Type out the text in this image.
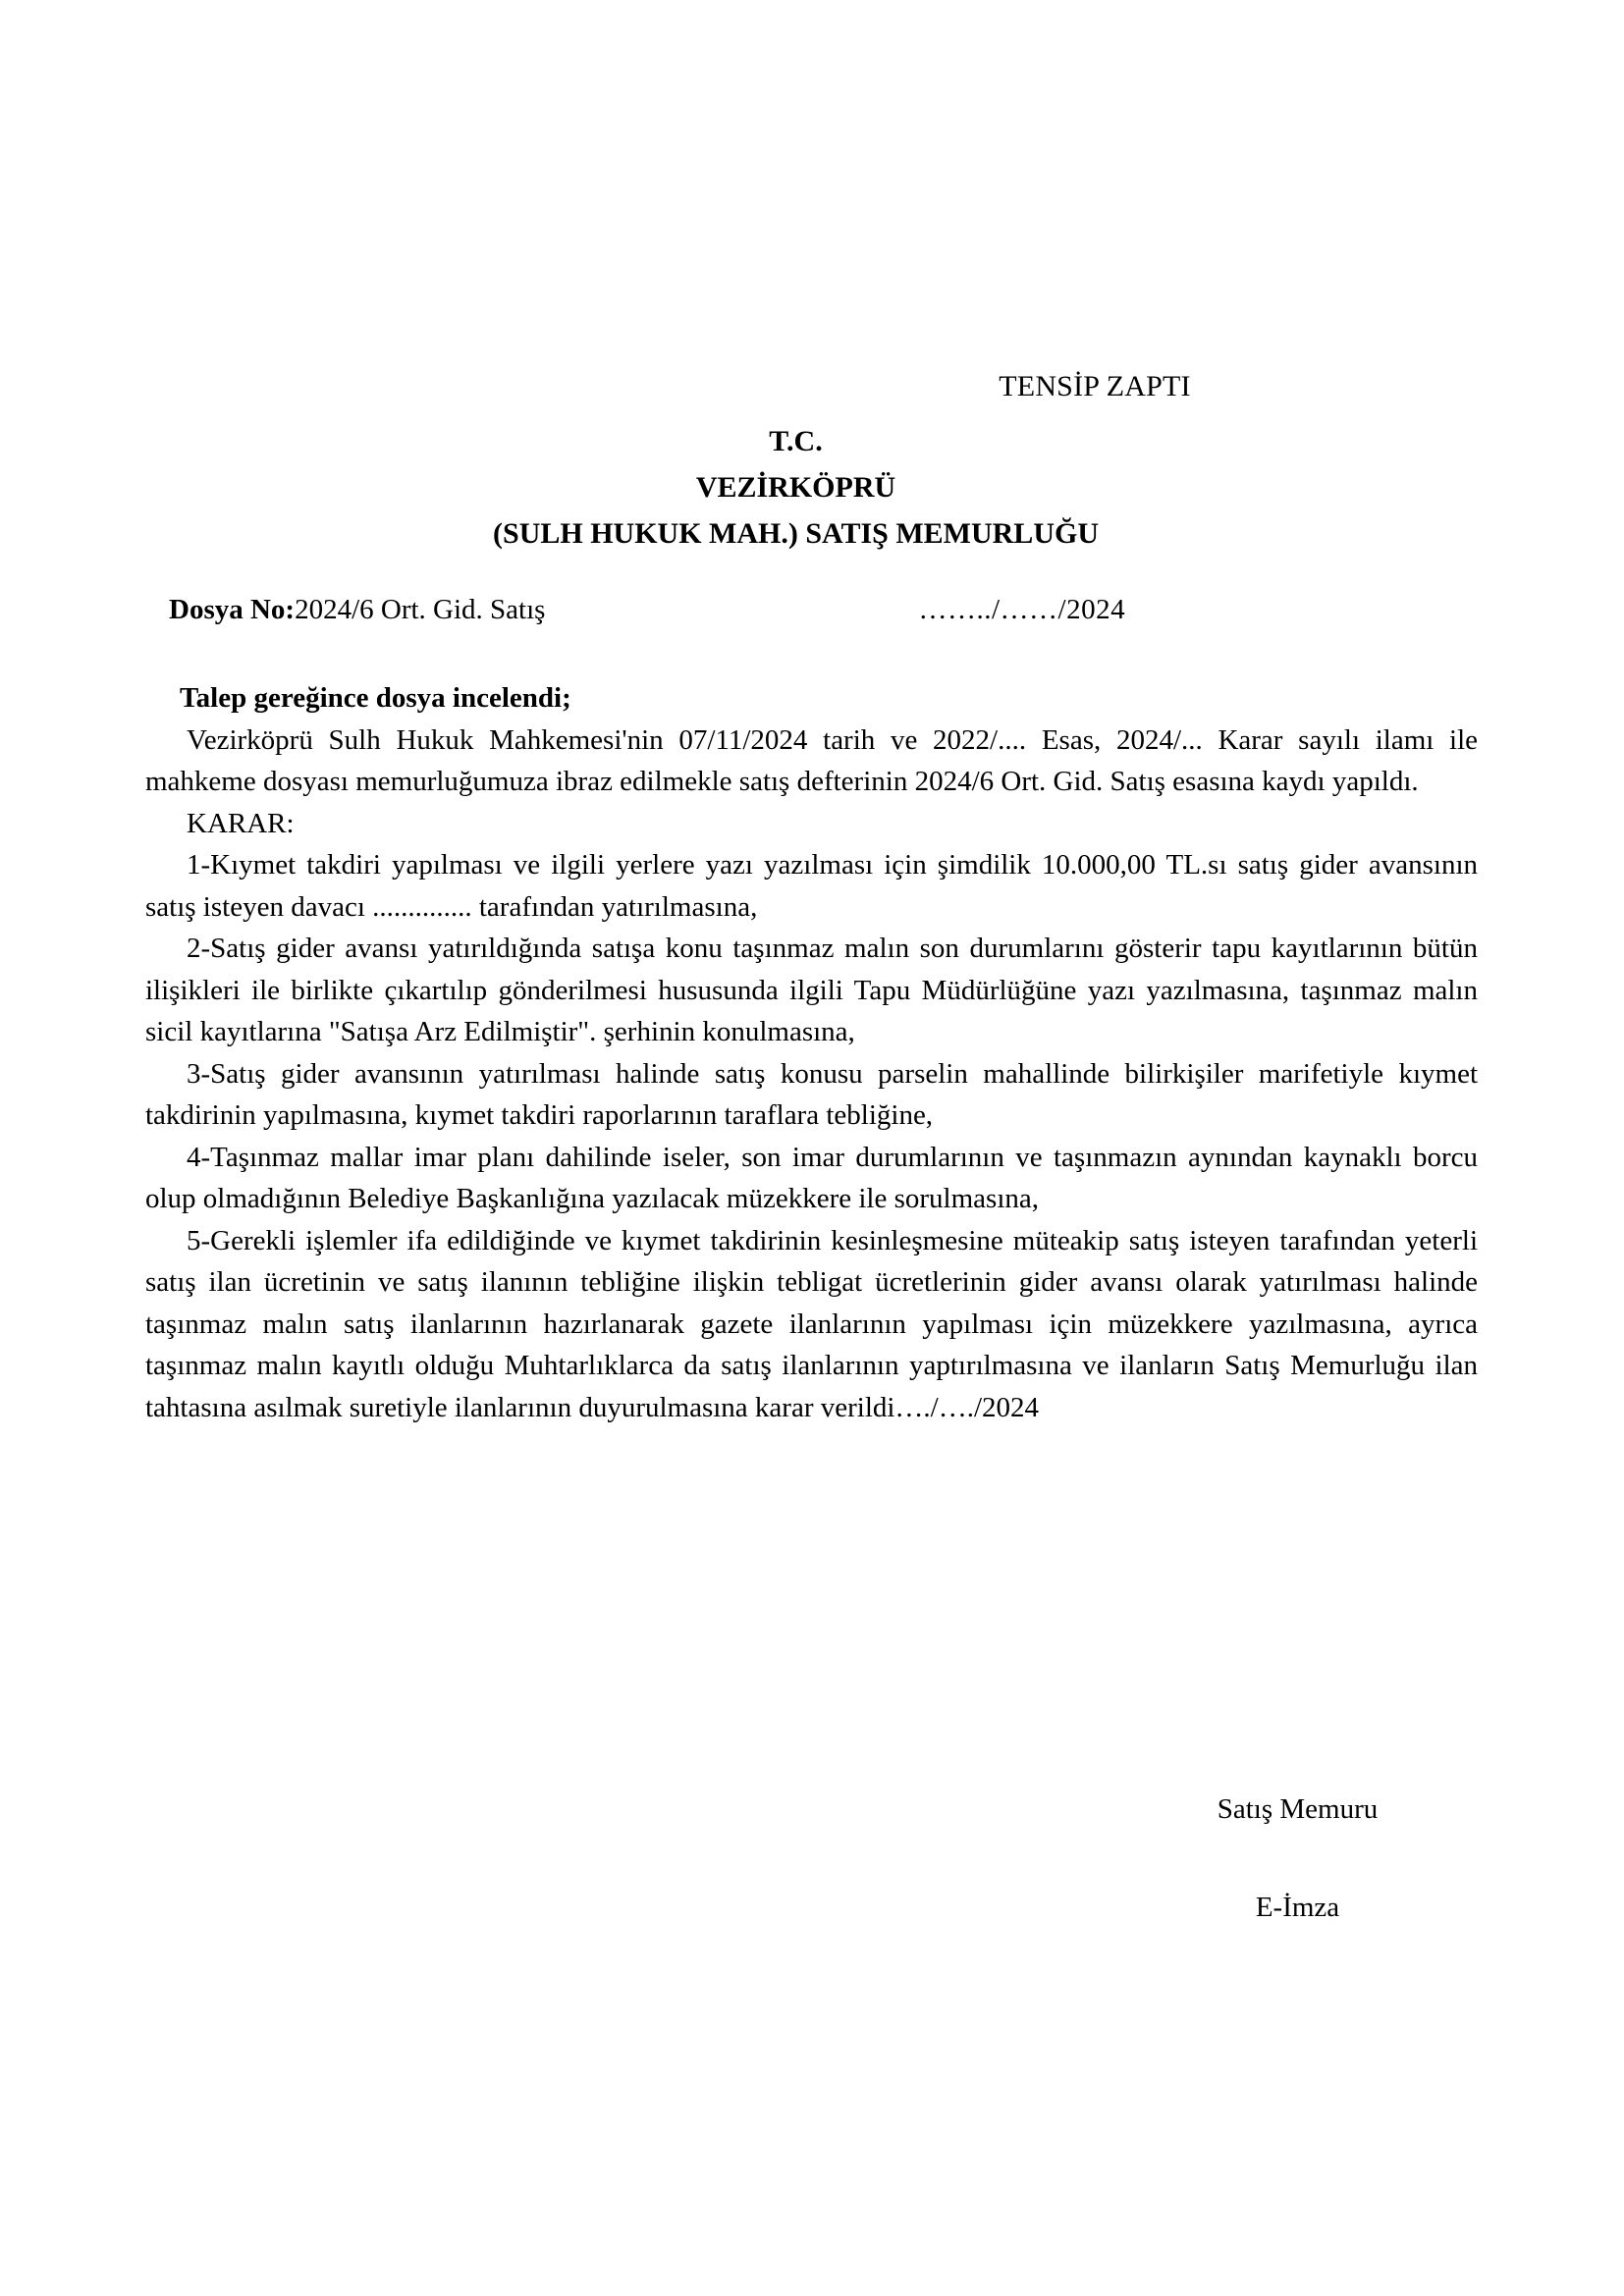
TENSİP ZAPTI
T.C.
VEZİRKÖPRÜ
(SULH HUKUK MAH.) SATIŞ MEMURLUĞU
Dosya No:2024/6 Ort. Gid. Satış	……../……/2024

Talep gereğince dosya incelendi;

Vezirköprü Sulh Hukuk Mahkemesi'nin 07/11/2024 tarih ve 2022/.... Esas, 2024/... Karar sayılı ilamı ile mahkeme dosyası memurluğumuza ibraz edilmekle satış defterinin 2024/6 Ort. Gid. Satış esasına kaydı yapıldı.

KARAR:

1-Kıymet takdiri yapılması ve ilgili yerlere yazı yazılması için şimdilik 10.000,00 TL.sı satış gider avansının satış isteyen davacı .............. tarafından yatırılmasına,

2-Satış gider avansı yatırıldığında satışa konu taşınmaz malın son durumlarını gösterir tapu kayıtlarının bütün ilişikleri ile birlikte çıkartılıp gönderilmesi hususunda ilgili Tapu Müdürlüğüne yazı yazılmasına, taşınmaz malın sicil kayıtlarına "Satışa Arz Edilmiştir". şerhinin konulmasına,

3-Satış gider avansının yatırılması halinde satış konusu parselin mahallinde bilirkişiler marifetiyle kıymet takdirinin yapılmasına, kıymet takdiri raporlarının taraflara tebliğine,

4-Taşınmaz mallar imar planı dahilinde iseler, son imar durumlarının ve taşınmazın aynından kaynaklı borcu olup olmadığının Belediye Başkanlığına yazılacak müzekkere ile sorulmasına,

5-Gerekli işlemler ifa edildiğinde ve kıymet takdirinin kesinleşmesine müteakip satış isteyen tarafından yeterli satış ilan ücretinin ve satış ilanının tebliğine ilişkin tebligat ücretlerinin gider avansı olarak yatırılması halinde taşınmaz malın satış ilanlarının hazırlanarak gazete ilanlarının yapılması için müzekkere yazılmasına, ayrıca taşınmaz malın kayıtlı olduğu Muhtarlıklarca da satış ilanlarının yaptırılmasına ve ilanların Satış Memurluğu ilan tahtasına asılmak suretiyle ilanlarının duyurulmasına karar verildi…./…./2024

Satış Memuru
E-İmza
